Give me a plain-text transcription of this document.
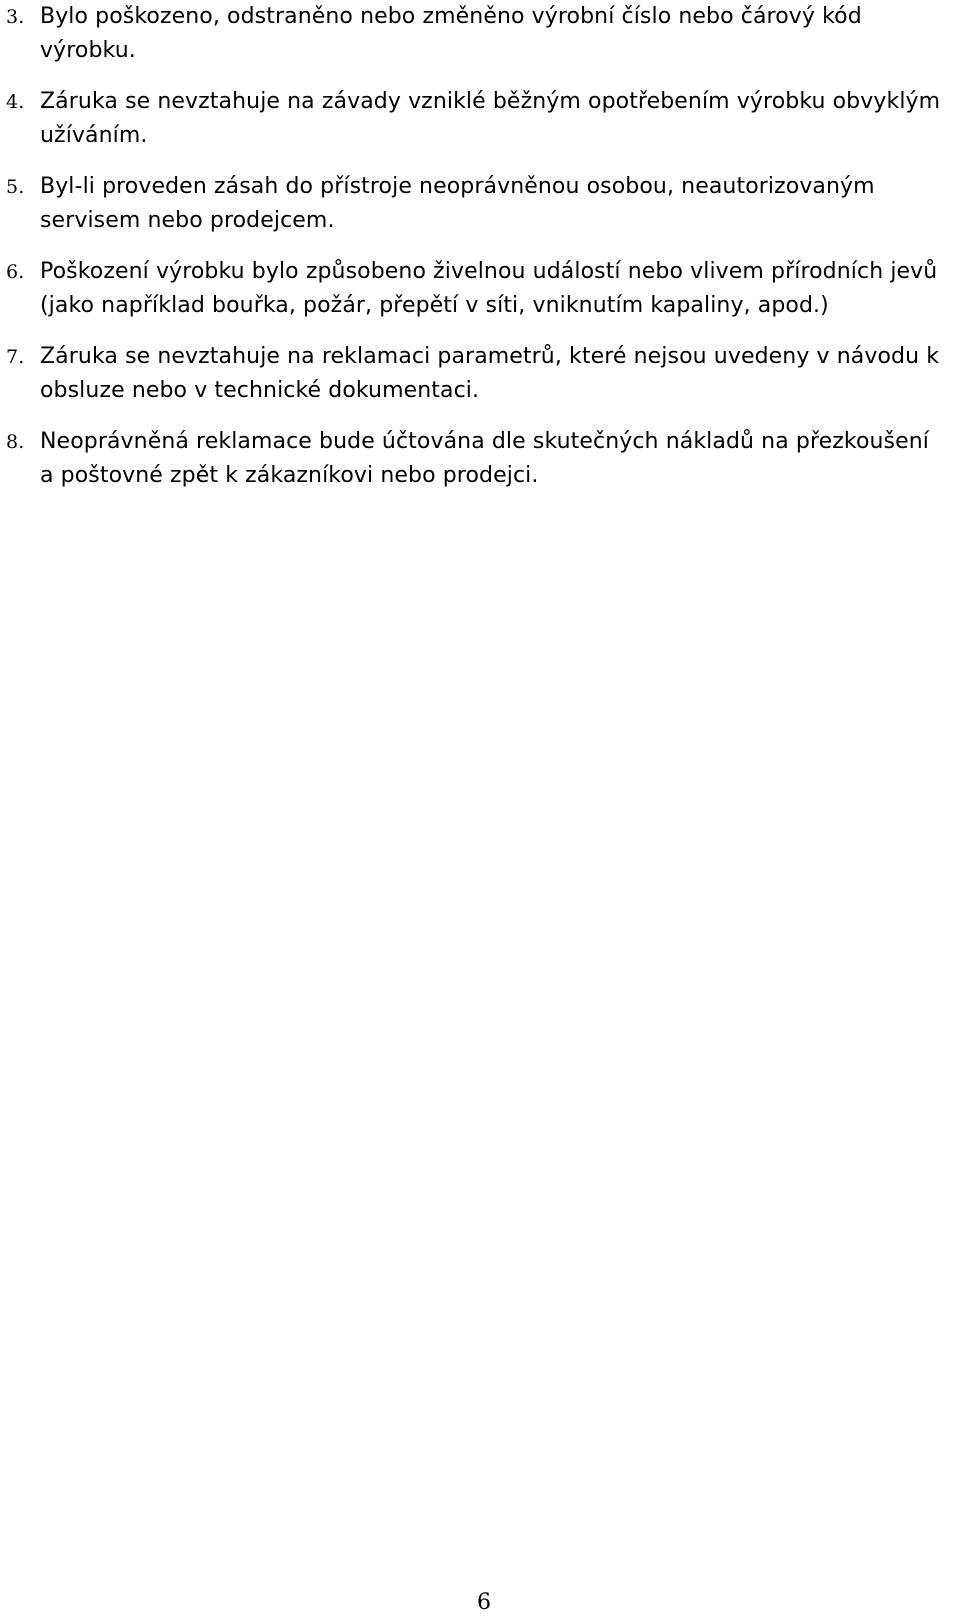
3. Bylo poškozeno, odstraněno nebo změněno výrobní číslo nebo čárový kód výrobku.

4. Záruka se nevztahuje na závady vzniklé běžným opotřebením výrobku obvyklým užíváním.

5. Byl-li proveden zásah do přístroje neoprávněnou osobou, neautorizovaným servisem nebo prodejcem.

6. Poškození výrobku bylo způsobeno živelnou událostí nebo vlivem přírodních jevů (jako například bouřka, požár, přepětí v síti, vniknutím kapaliny, apod.)

7. Záruka se nevztahuje na reklamaci parametrů, které nejsou uvedeny v návodu k obsluze nebo v technické dokumentaci.

8. Neoprávněná reklamace bude účtována dle skutečných nákladů na přezkoušení a poštovné zpět k zákazníkovi nebo prodejci.

6
